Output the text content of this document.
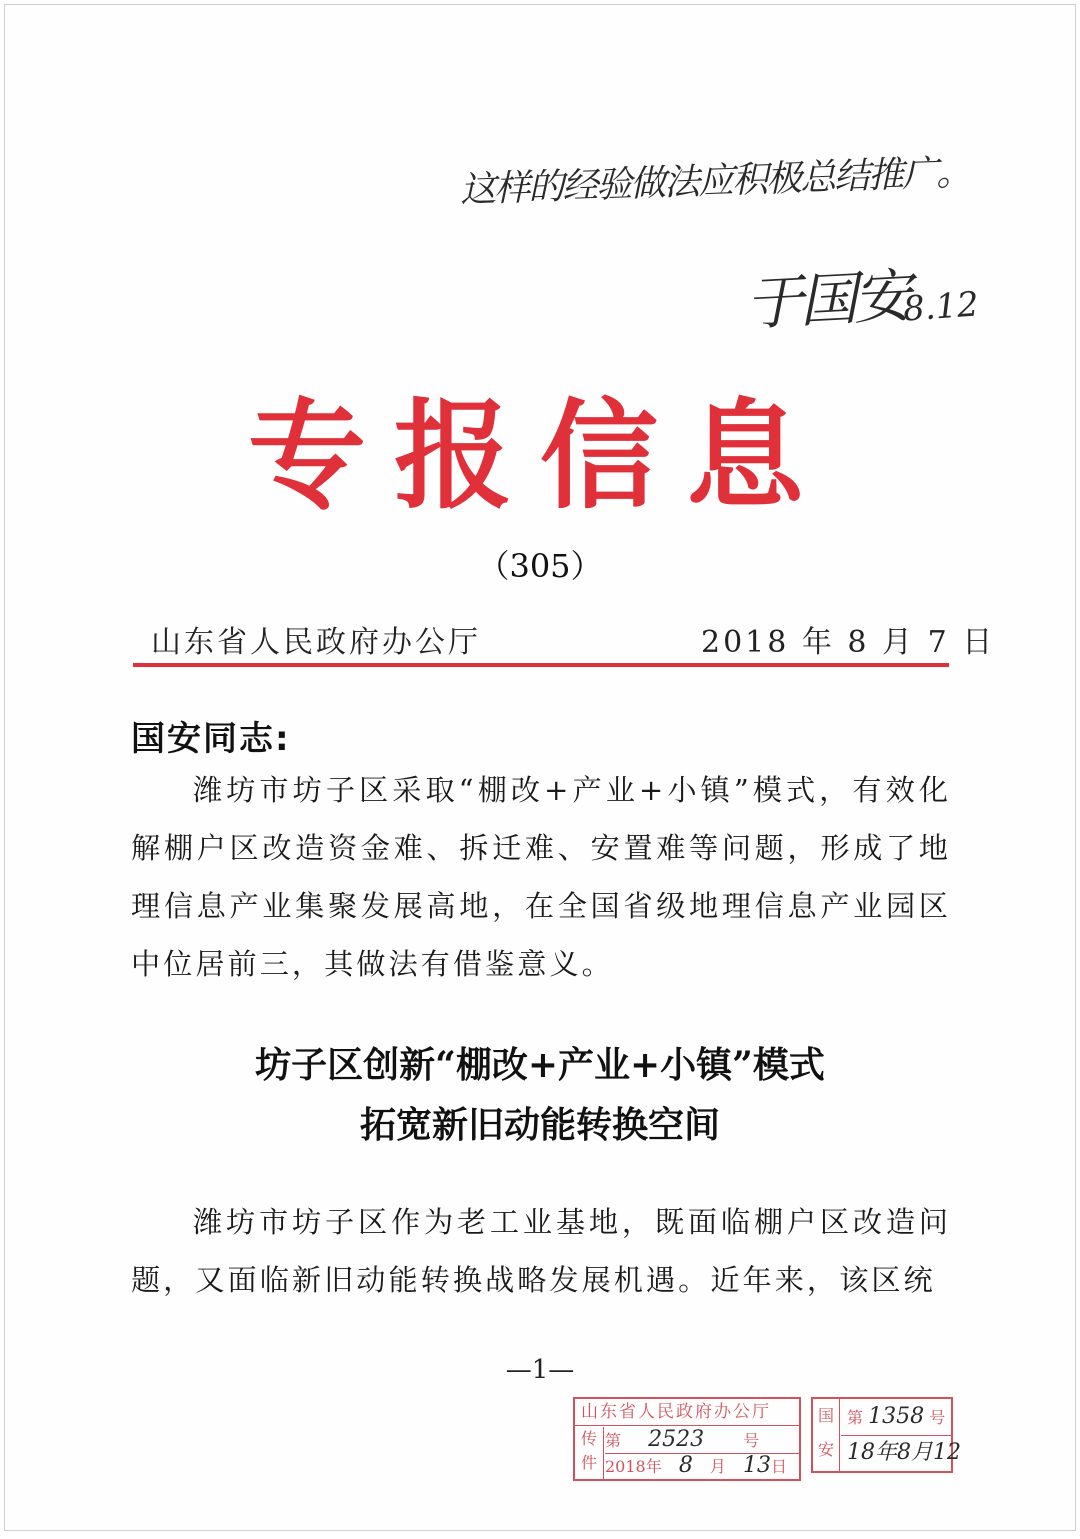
这样的经验做法应积极总结推广。
于国安
8.12
专报信息
（305）
山东省人民政府办公厅	2018 年 8 月 7 日
国安同志:
潍坊市坊子区采取“棚改+产业+小镇”模式，有效化解棚户区改造资金难、拆迁难、安置难等问题，形成了地理信息产业集聚发展高地，在全国省级地理信息产业园区中位居前三，其做法有借鉴意义。
坊子区创新“棚改+产业+小镇”模式
拓宽新旧动能转换空间
潍坊市坊子区作为老工业基地，既面临棚户区改造问题，又面临新旧动能转换战略发展机遇。近年来，该区统
—1—
山东省人民政府办公厅
传件
第 2523 号
2018年 8 月 13日
国安
第 1358 号
18年8月12
